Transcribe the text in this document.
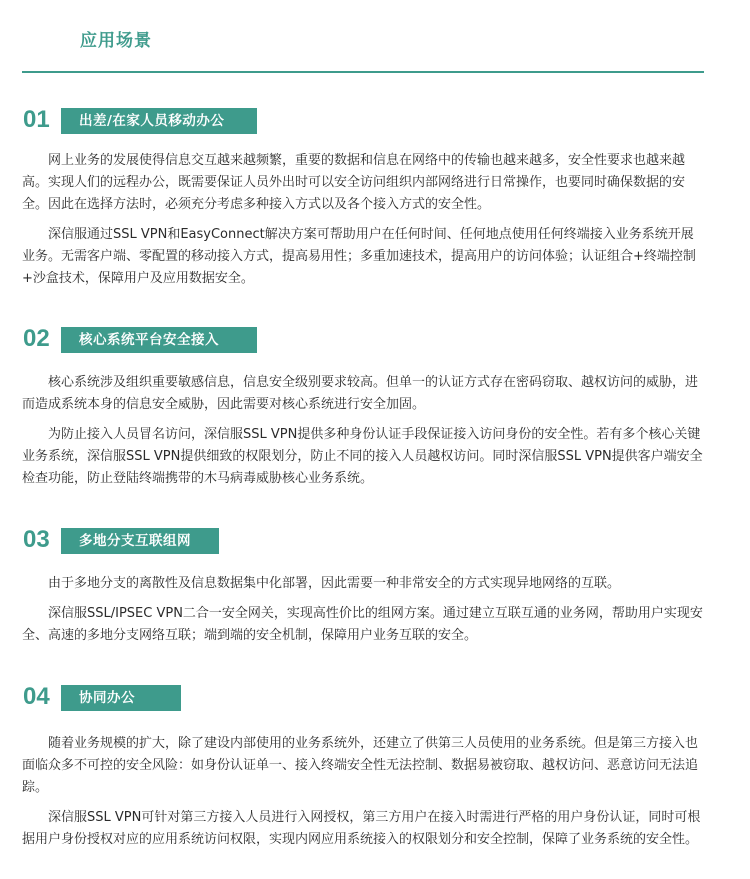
应用场景
01	出差/在家人员移动办公

网上业务的发展使得信息交互越来越频繁，重要的数据和信息在网络中的传输也越来越多，安全性要求也越来越高。实现人们的远程办公，既需要保证人员外出时可以安全访问组织内部网络进行日常操作，也要同时确保数据的安全。因此在选择方法时，必须充分考虑多种接入方式以及各个接入方式的安全性。

深信服通过SSL VPN和EasyConnect解决方案可帮助用户在任何时间、任何地点使用任何终端接入业务系统开展业务。无需客户端、零配置的移动接入方式，提高易用性；多重加速技术，提高用户的访问体验；认证组合+终端控制+沙盒技术，保障用户及应用数据安全。

02	核心系统平台安全接入

核心系统涉及组织重要敏感信息，信息安全级别要求较高。但单一的认证方式存在密码窃取、越权访问的威胁，进而造成系统本身的信息安全威胁，因此需要对核心系统进行安全加固。

为防止接入人员冒名访问，深信服SSL VPN提供多种身份认证手段保证接入访问身份的安全性。若有多个核心关键业务系统，深信服SSL VPN提供细致的权限划分，防止不同的接入人员越权访问。同时深信服SSL VPN提供客户端安全检查功能，防止登陆终端携带的木马病毒威胁核心业务系统。

03	多地分支互联组网

由于多地分支的离散性及信息数据集中化部署，因此需要一种非常安全的方式实现异地网络的互联。

深信服SSL/IPSEC VPN二合一安全网关，实现高性价比的组网方案。通过建立互联互通的业务网，帮助用户实现安全、高速的多地分支网络互联；端到端的安全机制，保障用户业务互联的安全。

04	协同办公

随着业务规模的扩大，除了建设内部使用的业务系统外，还建立了供第三人员使用的业务系统。但是第三方接入也面临众多不可控的安全风险：如身份认证单一、接入终端安全性无法控制、数据易被窃取、越权访问、恶意访问无法追踪。

深信服SSL VPN可针对第三方接入人员进行入网授权，第三方用户在接入时需进行严格的用户身份认证，同时可根据用户身份授权对应的应用系统访问权限，实现内网应用系统接入的权限划分和安全控制，保障了业务系统的安全性。
